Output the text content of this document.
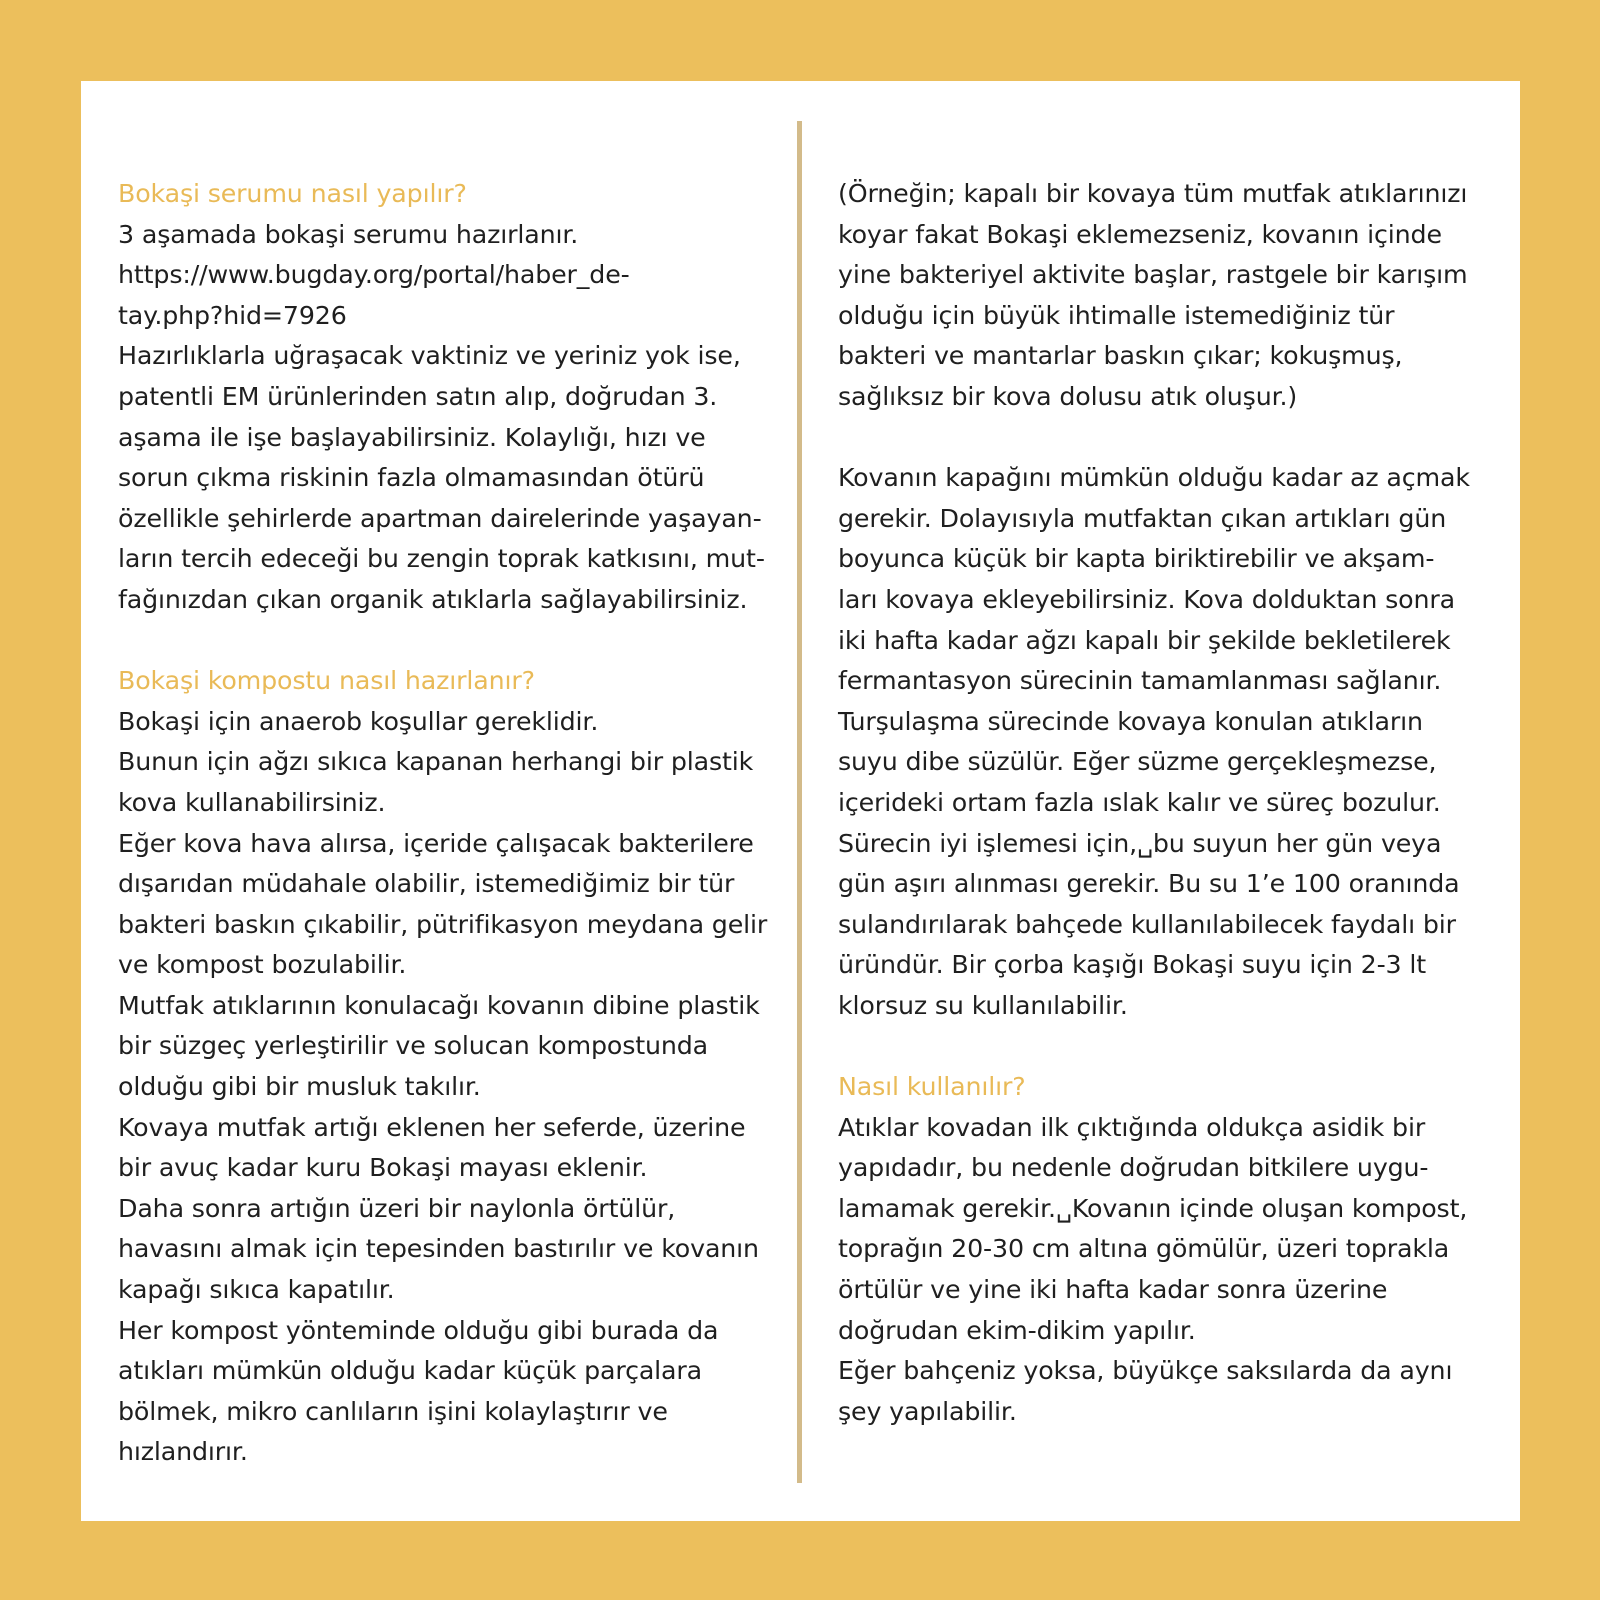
Bokaşi serumu nasıl yapılır?
3 aşamada bokaşi serumu hazırlanır.
https://www.bugday.org/portal/haber_de-
tay.php?hid=7926
Hazırlıklarla uğraşacak vaktiniz ve yeriniz yok ise,
patentli EM ürünlerinden satın alıp, doğrudan 3.
aşama ile işe başlayabilirsiniz. Kolaylığı, hızı ve
sorun çıkma riskinin fazla olmamasından ötürü
özellikle şehirlerde apartman dairelerinde yaşayan-
ların tercih edeceği bu zengin toprak katkısını, mut-
fağınızdan çıkan organik atıklarla sağlayabilirsiniz.
Bokaşi kompostu nasıl hazırlanır?
Bokaşi için anaerob koşullar gereklidir.
Bunun için ağzı sıkıca kapanan herhangi bir plastik
kova kullanabilirsiniz.
Eğer kova hava alırsa, içeride çalışacak bakterilere
dışarıdan müdahale olabilir, istemediğimiz bir tür
bakteri baskın çıkabilir, pütrifikasyon meydana gelir
ve kompost bozulabilir.
Mutfak atıklarının konulacağı kovanın dibine plastik
bir süzgeç yerleştirilir ve solucan kompostunda
olduğu gibi bir musluk takılır.
Kovaya mutfak artığı eklenen her seferde, üzerine
bir avuç kadar kuru Bokaşi mayası eklenir.
Daha sonra artığın üzeri bir naylonla örtülür,
havasını almak için tepesinden bastırılır ve kovanın
kapağı sıkıca kapatılır.
Her kompost yönteminde olduğu gibi burada da
atıkları mümkün olduğu kadar küçük parçalara
bölmek, mikro canlıların işini kolaylaştırır ve
hızlandırır.
(Örneğin; kapalı bir kovaya tüm mutfak atıklarınızı
koyar fakat Bokaşi eklemezseniz, kovanın içinde
yine bakteriyel aktivite başlar, rastgele bir karışım
olduğu için büyük ihtimalle istemediğiniz tür
bakteri ve mantarlar baskın çıkar; kokuşmuş,
sağlıksız bir kova dolusu atık oluşur.)
Kovanın kapağını mümkün olduğu kadar az açmak
gerekir. Dolayısıyla mutfaktan çıkan artıkları gün
boyunca küçük bir kapta biriktirebilir ve akşam-
ları kovaya ekleyebilirsiniz. Kova dolduktan sonra
iki hafta kadar ağzı kapalı bir şekilde bekletilerek
fermantasyon sürecinin tamamlanması sağlanır.
Turşulaşma sürecinde kovaya konulan atıkların
suyu dibe süzülür. Eğer süzme gerçekleşmezse,
içerideki ortam fazla ıslak kalır ve süreç bozulur.
Sürecin iyi işlemesi için,␣bu suyun her gün veya
gün aşırı alınması gerekir. Bu su 1’e 100 oranında
sulandırılarak bahçede kullanılabilecek faydalı bir
üründür. Bir çorba kaşığı Bokaşi suyu için 2-3 lt
klorsuz su kullanılabilir.
Nasıl kullanılır?
Atıklar kovadan ilk çıktığında oldukça asidik bir
yapıdadır, bu nedenle doğrudan bitkilere uygu-
lamamak gerekir.␣Kovanın içinde oluşan kompost,
toprağın 20-30 cm altına gömülür, üzeri toprakla
örtülür ve yine iki hafta kadar sonra üzerine
doğrudan ekim-dikim yapılır.
Eğer bahçeniz yoksa, büyükçe saksılarda da aynı
şey yapılabilir.
